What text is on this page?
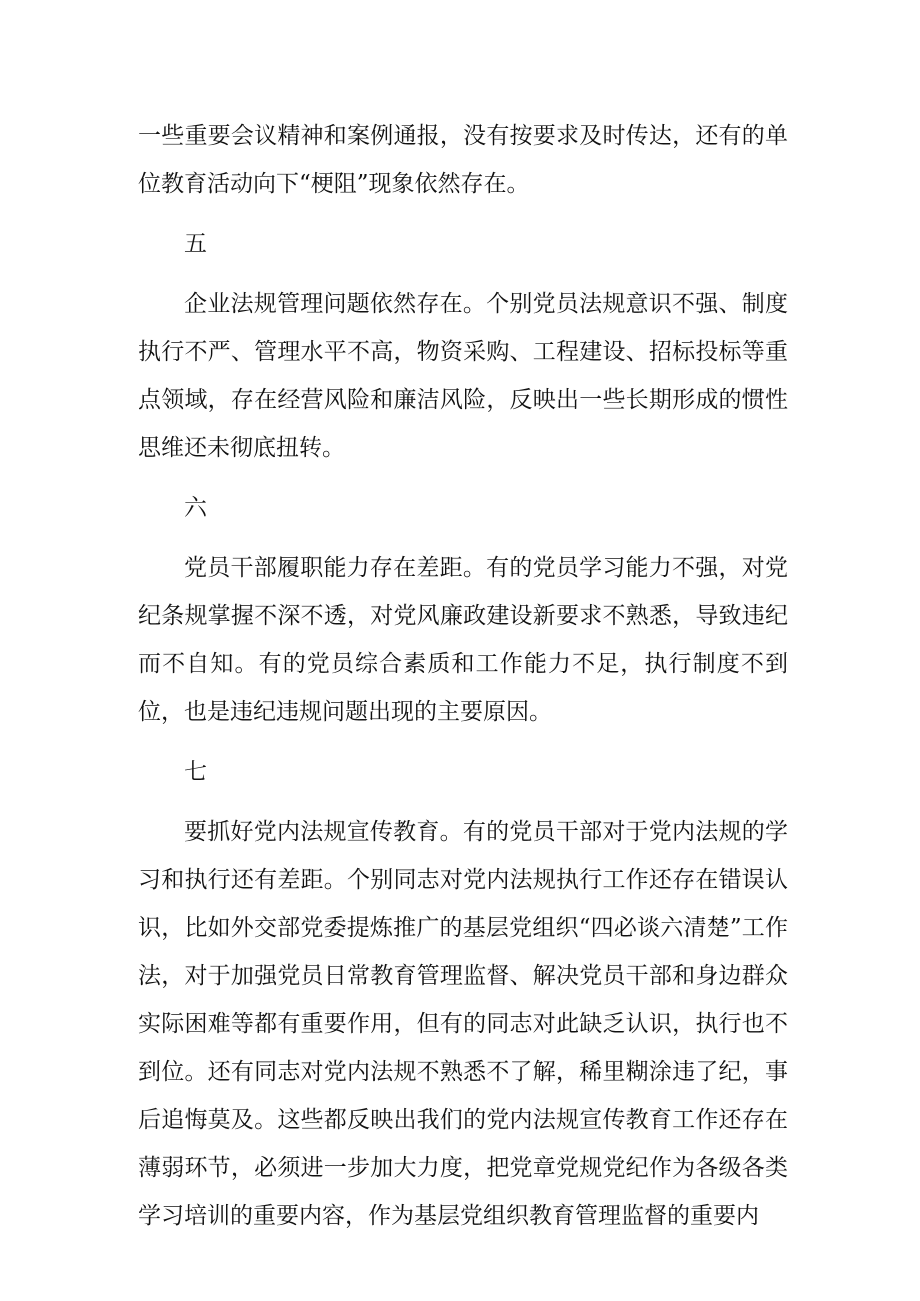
一些重要会议精神和案例通报，没有按要求及时传达，还有的单位教育活动向下“梗阻”现象依然存在。

五

企业法规管理问题依然存在。个别党员法规意识不强、制度执行不严、管理水平不高，物资采购、工程建设、招标投标等重点领域，存在经营风险和廉洁风险，反映出一些长期形成的惯性思维还未彻底扭转。

六

党员干部履职能力存在差距。有的党员学习能力不强，对党纪条规掌握不深不透，对党风廉政建设新要求不熟悉，导致违纪而不自知。有的党员综合素质和工作能力不足，执行制度不到位，也是违纪违规问题出现的主要原因。

七

要抓好党内法规宣传教育。有的党员干部对于党内法规的学习和执行还有差距。个别同志对党内法规执行工作还存在错误认识，比如外交部党委提炼推广的基层党组织“四必谈六清楚”工作法，对于加强党员日常教育管理监督、解决党员干部和身边群众实际困难等都有重要作用，但有的同志对此缺乏认识，执行也不到位。还有同志对党内法规不熟悉不了解，稀里糊涂违了纪，事后追悔莫及。这些都反映出我们的党内法规宣传教育工作还存在薄弱环节，必须进一步加大力度，把党章党规党纪作为各级各类学习培训的重要内容，作为基层党组织教育管理监督的重要内
